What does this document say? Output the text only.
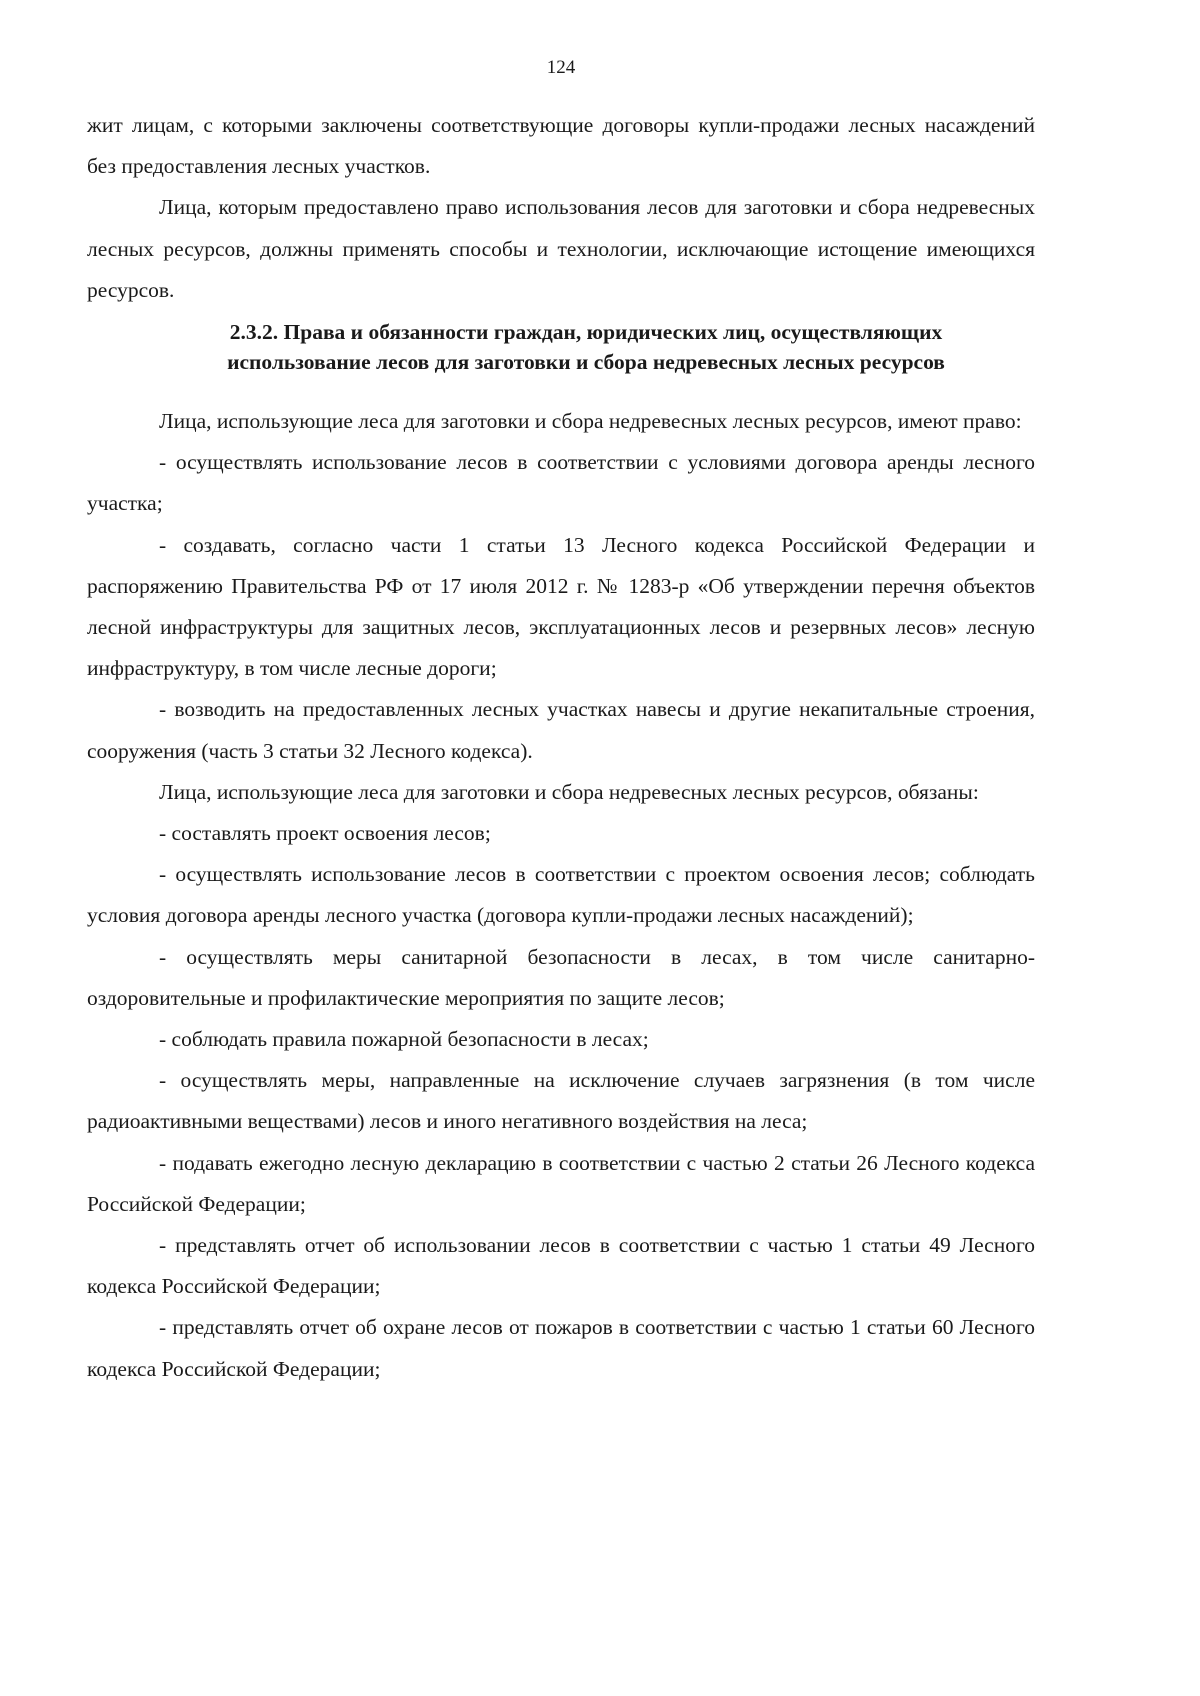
124

жит лицам, с которыми заключены соответствующие договоры купли-продажи лесных насаждений без предоставления лесных участков.

Лица, которым предоставлено право использования лесов для заготовки и сбора недревесных лесных ресурсов, должны применять способы и технологии, исключающие истощение имеющихся ресурсов.

2.3.2. Права и обязанности граждан, юридических лиц, осуществляющих
использование лесов для заготовки и сбора недревесных лесных ресурсов

Лица, использующие леса для заготовки и сбора недревесных лесных ресурсов, имеют право:

- осуществлять использование лесов в соответствии с условиями договора аренды лесного участка;

- создавать, согласно части 1 статьи 13 Лесного кодекса Российской Федерации и распоряжению Правительства РФ от 17 июля 2012 г. № 1283-р «Об утверждении перечня объектов лесной инфраструктуры для защитных лесов, эксплуатационных лесов и резервных лесов» лесную инфраструктуру, в том числе лесные дороги;

- возводить на предоставленных лесных участках навесы и другие некапитальные строения, сооружения (часть 3 статьи 32 Лесного кодекса).

Лица, использующие леса для заготовки и сбора недревесных лесных ресурсов, обязаны:

- составлять проект освоения лесов;

- осуществлять использование лесов в соответствии с проектом освоения лесов; соблюдать условия договора аренды лесного участка (договора купли-продажи лесных насаждений);

- осуществлять меры санитарной безопасности в лесах, в том числе санитарно-оздоровительные и профилактические мероприятия по защите лесов;

- соблюдать правила пожарной безопасности в лесах;

- осуществлять меры, направленные на исключение случаев загрязнения (в том числе радиоактивными веществами) лесов и иного негативного воздействия на леса;

- подавать ежегодно лесную декларацию в соответствии с частью 2 статьи 26 Лесного кодекса Российской Федерации;

- представлять отчет об использовании лесов в соответствии с частью 1 статьи 49 Лесного кодекса Российской Федерации;

- представлять отчет об охране лесов от пожаров в соответствии с частью 1 статьи 60 Лесного кодекса Российской Федерации;
